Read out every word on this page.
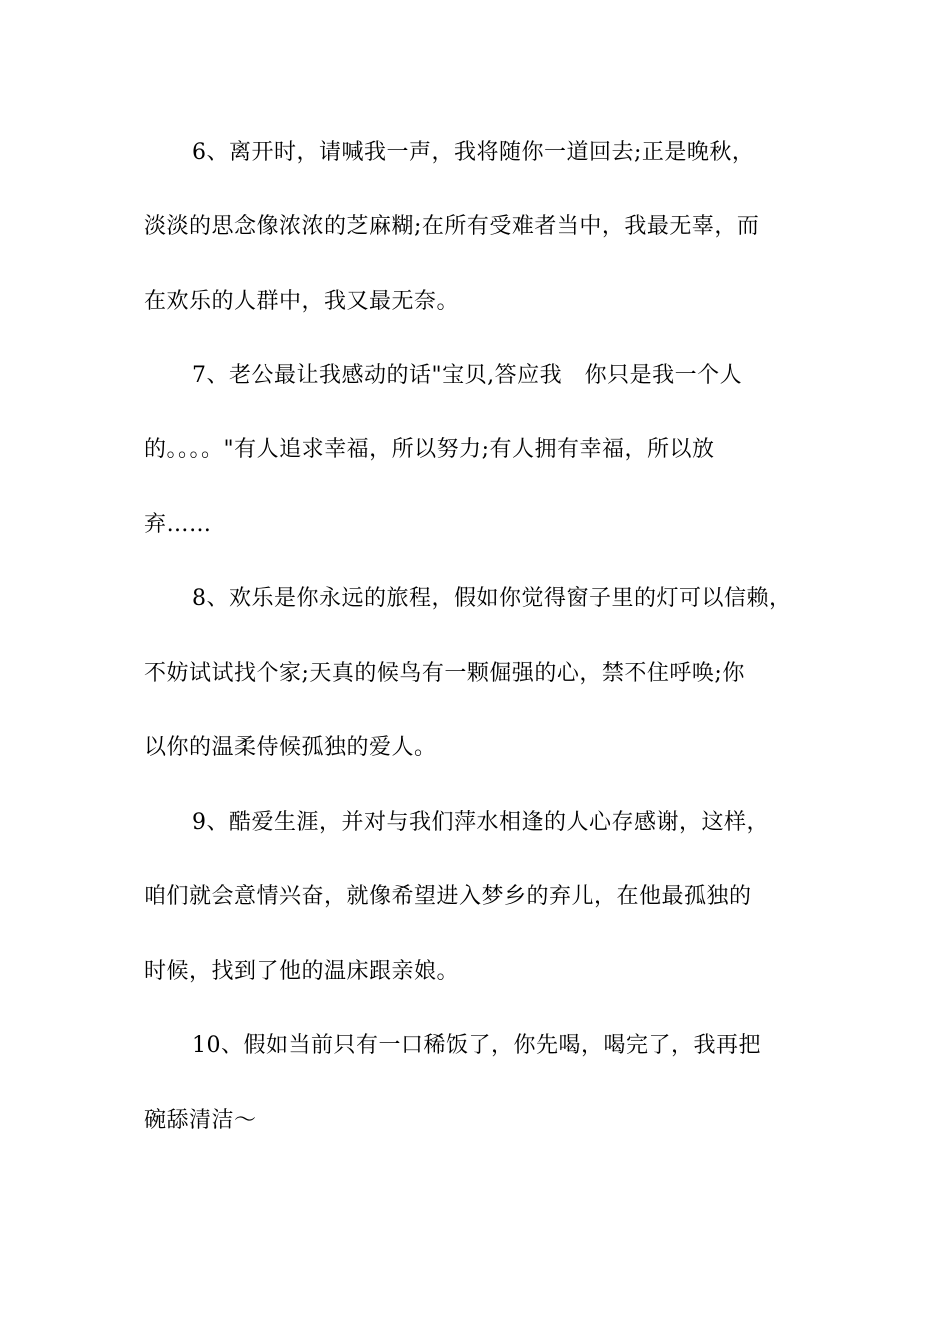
6、离开时，请喊我一声，我将随你一道回去;正是晚秋，
淡淡的思念像浓浓的芝麻糊;在所有受难者当中，我最无辜，而
在欢乐的人群中，我又最无奈。
7、老公最让我感动的话"宝贝,答应我　你只是我一个人
的。。。。"有人追求幸福，所以努力;有人拥有幸福，所以放
弃……
8、欢乐是你永远的旅程，假如你觉得窗子里的灯可以信赖，
不妨试试找个家;天真的候鸟有一颗倔强的心，禁不住呼唤;你
以你的温柔侍候孤独的爱人。
9、酷爱生涯，并对与我们萍水相逢的人心存感谢，这样，
咱们就会意情兴奋，就像希望进入梦乡的弃儿，在他最孤独的
时候，找到了他的温床跟亲娘。
10、假如当前只有一口稀饭了，你先喝，喝完了，我再把
碗舔清洁～
